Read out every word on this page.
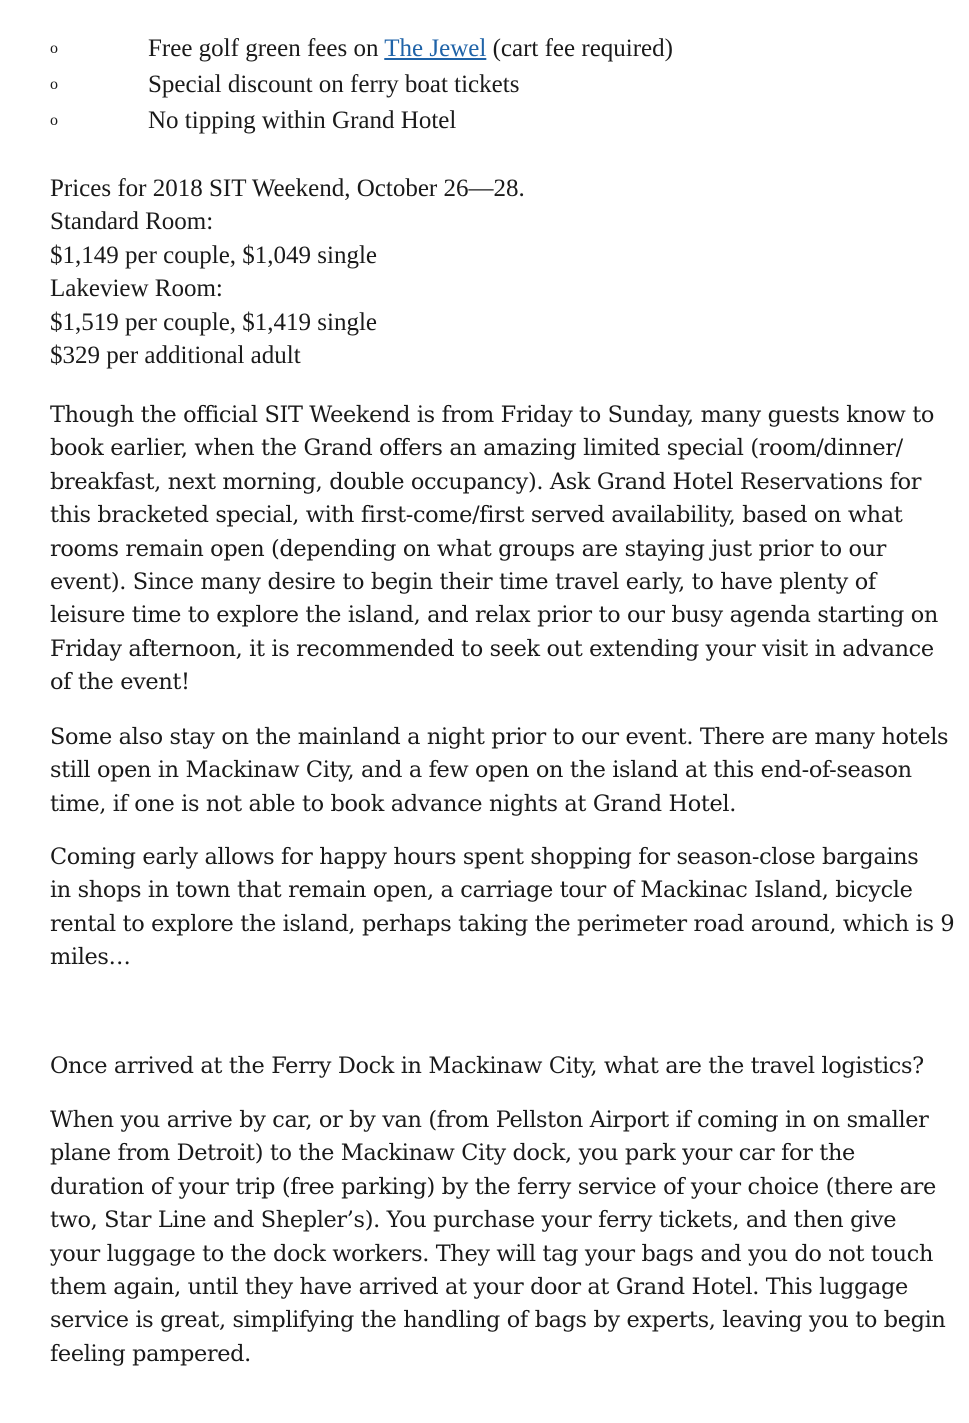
o	Free golf green fees on The Jewel (cart fee required)
o	Special discount on ferry boat tickets
o	No tipping within Grand Hotel
Prices for 2018 SIT Weekend, October 26—28.
Standard Room:
$1,149 per couple, $1,049 single
Lakeview Room:
$1,519 per couple, $1,419 single
$329 per additional adult

Though the official SIT Weekend is from Friday to Sunday, many guests know to
book earlier, when the Grand offers an amazing limited special (room/dinner/
breakfast, next morning, double occupancy). Ask Grand Hotel Reservations for
this bracketed special, with first-come/first served availability, based on what
rooms remain open (depending on what groups are staying just prior to our
event). Since many desire to begin their time travel early, to have plenty of
leisure time to explore the island, and relax prior to our busy agenda starting on
Friday afternoon, it is recommended to seek out extending your visit in advance
of the event!

Some also stay on the mainland a night prior to our event. There are many hotels
still open in Mackinaw City, and a few open on the island at this end-of-season
time, if one is not able to book advance nights at Grand Hotel.

Coming early allows for happy hours spent shopping for season-close bargains
in shops in town that remain open, a carriage tour of Mackinac Island, bicycle
rental to explore the island, perhaps taking the perimeter road around, which is 9
miles…

Once arrived at the Ferry Dock in Mackinaw City, what are the travel logistics?

When you arrive by car, or by van (from Pellston Airport if coming in on smaller
plane from Detroit) to the Mackinaw City dock, you park your car for the
duration of your trip (free parking) by the ferry service of your choice (there are
two, Star Line and Shepler’s). You purchase your ferry tickets, and then give
your luggage to the dock workers. They will tag your bags and you do not touch
them again, until they have arrived at your door at Grand Hotel. This luggage
service is great, simplifying the handling of bags by experts, leaving you to begin
feeling pampered.
